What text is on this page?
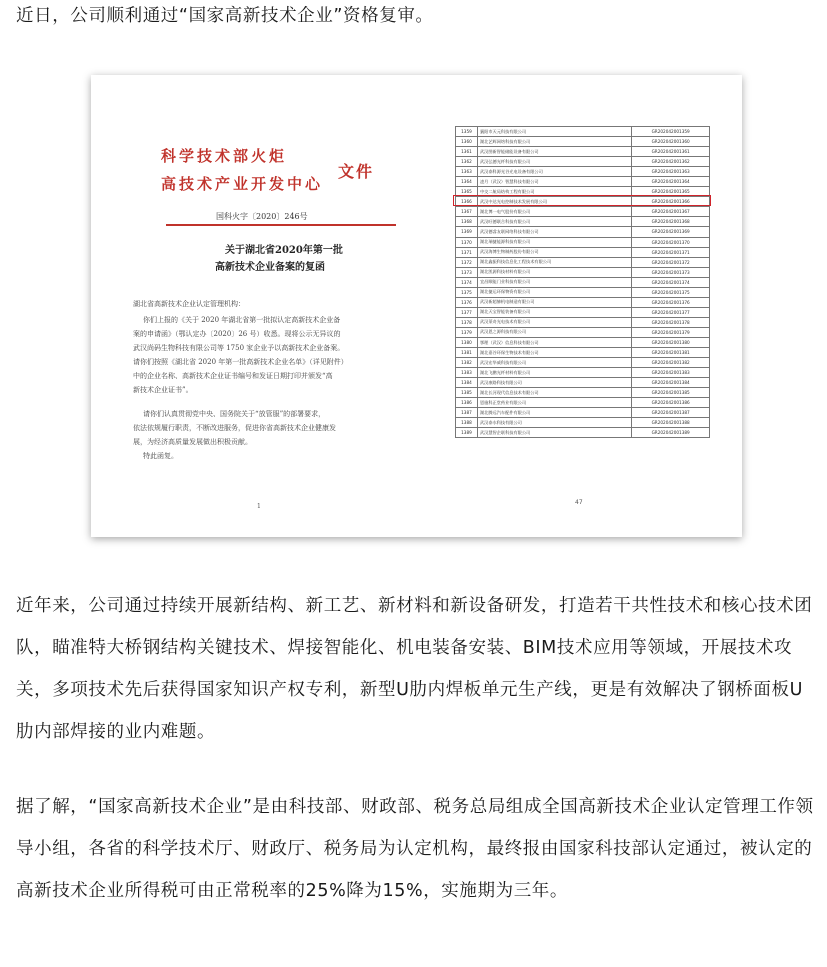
近日，公司顺利通过“国家高新技术企业”资格复审。
科学技术部火炬
高技术产业开发中心
文件
国科火字〔2020〕246号
关于湖北省2020年第一批
高新技术企业备案的复函
湖北省高新技术企业认定管理机构：
你们上报的《关于 2020 年湖北省第一批拟认定高新技术企业备
案的申请函》（鄂认定办〔2020〕26 号）收悉。现将公示无异议的
武汉尚码生物科技有限公司等 1750 家企业予以高新技术企业备案。
请你们按照《湖北省 2020 年第一批高新技术企业名单》（详见附件）
中的企业名称、高新技术企业证书编号和发证日期打印并颁发“高
新技术企业证书”。
请你们认真贯彻党中央、国务院关于“放管服”的部署要求，
依法依规履行职责，不断改进服务，促进你省高新技术企业健康发
展，为经济高质量发展做出积极贡献。
特此函复。
1
1359	襄阳市天元科技有限公司	GR202042001359
1360	湖北艺辉网络科技有限公司	GR202042001360
1361	武汉图新智能储能设备有限公司	GR202042001361
1362	武汉弘德光纤科技有限公司	GR202042001362
1363	武汉泰科源光谷光电设备有限公司	GR202042001363
1364	凌月（武汉）智慧科技有限公司	GR202042001364
1365	中交二航局结构工程有限公司	GR202042001365
1366	武汉中达光电控制技术发展有限公司	GR202042001366
1367	湖北博一电气股份有限公司	GR202042001367
1368	武汉旺德联合科技有限公司	GR202042001368
1369	武汉德睿友联网络科技有限公司	GR202042001369
1370	湖北瑞捷能源科技有限公司	GR202042001370
1371	武汉海博生物制药股份有限公司	GR202042001371
1372	湖北鑫振科技信息化工程技术有限公司	GR202042001372
1373	湖北凯源科技材料有限公司	GR202042001373
1374	宜昌顺能门业科技有限公司	GR202042001374
1375	湖北捷运环保物资有限公司	GR202042001375
1376	武汉新超赫机电制造有限公司	GR202042001376
1377	湖北天宝智能装备有限公司	GR202042001377
1378	武汉莱奇光电技术有限公司	GR202042001378
1379	武汉恩之源科技有限公司	GR202042001379
1380	鄂理（武汉）信息科技有限公司	GR202042001380
1381	湖北嘉谷环保生物技术有限公司	GR202042001381
1382	武汉宏华威科技有限公司	GR202042001382
1383	湖北飞鹏光纤材料有限公司	GR202042001383
1384	武汉康路科技有限公司	GR202042001384
1385	湖北长河现代信息技术有限公司	GR202042001385
1386	恩施科正堂药业有限公司	GR202042001386
1387	湖北腾远汽车配件有限公司	GR202042001387
1388	武汉泰水科技有限公司	GR202042001388
1389	武汉慧智企联科技有限公司	GR202042001389
47
近年来，公司通过持续开展新结构、新工艺、新材料和新设备研发，打造若干共性技术和核心技术团队，瞄准特大桥钢结构关键技术、焊接智能化、机电装备安装、BIM技术应用等领域，开展技术攻关，多项技术先后获得国家知识产权专利，新型U肋内焊板单元生产线，更是有效解决了钢桥面板U肋内部焊接的业内难题。
据了解，“国家高新技术企业”是由科技部、财政部、税务总局组成全国高新技术企业认定管理工作领导小组，各省的科学技术厅、财政厅、税务局为认定机构，最终报由国家科技部认定通过，被认定的高新技术企业所得税可由正常税率的25%降为15%，实施期为三年。
